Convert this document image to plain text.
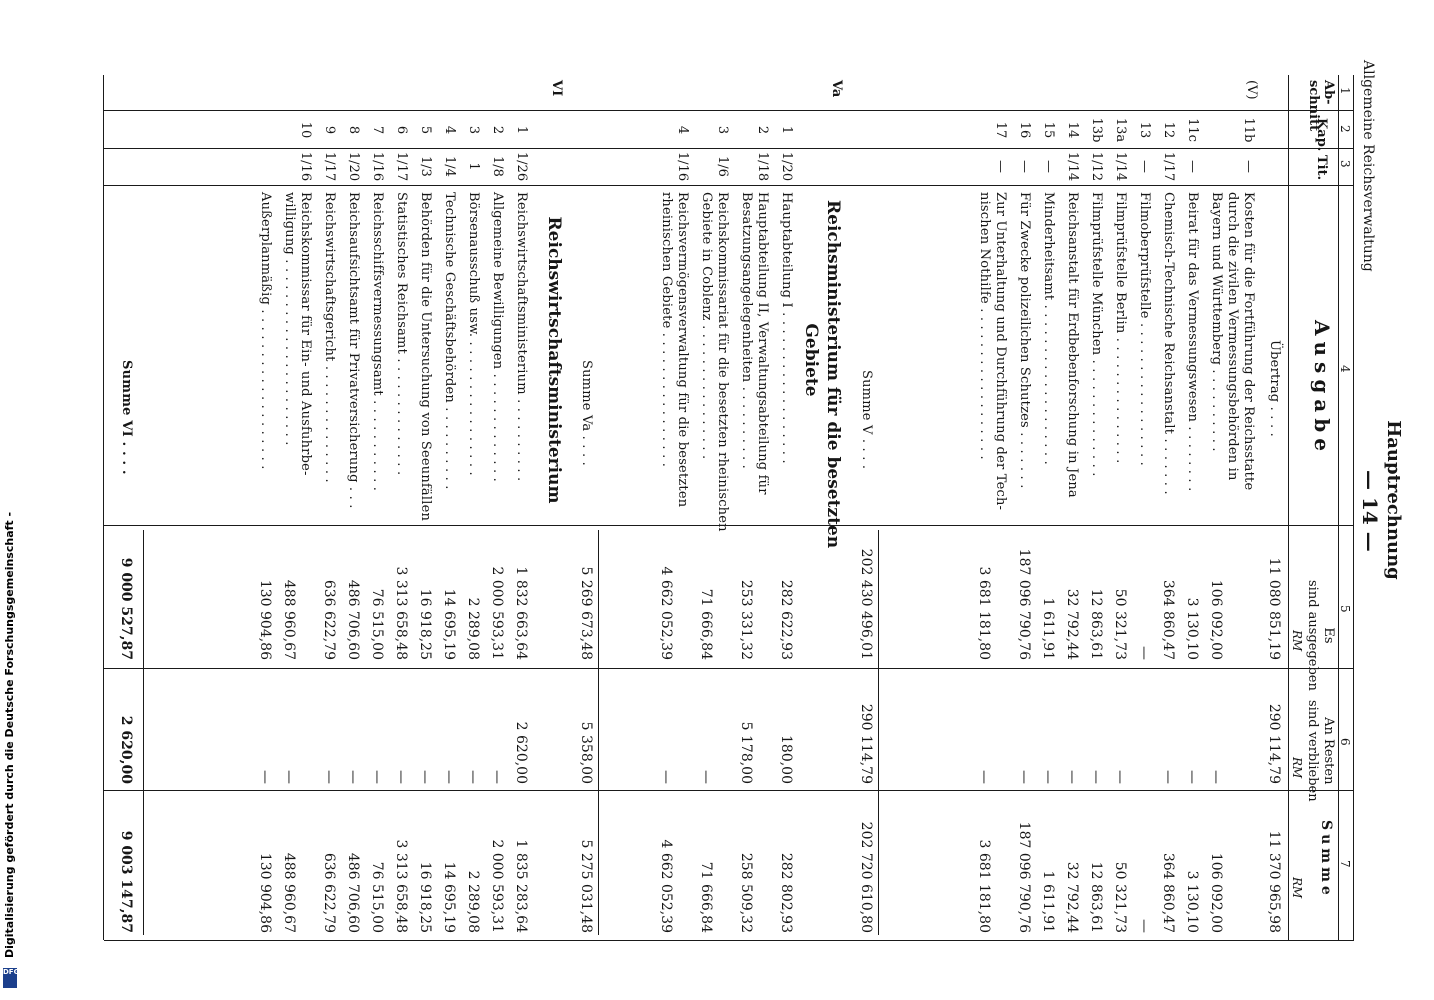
Hauptrechnung
Allgemeine Reichsverwaltung
— 14 —
1
2
3
4
5
6
7
Ab-
schnitt
Kap.
Tit.
Ausgabe
Es
sind ausgegeben
An Resten
sind verblieben
Summe
RM
RM
RM
Übertrag . . . .
11 080 851,19
290 114,79
11 370 965,98
(V)
11b
—
Kosten für die Fortführung der Reichsstatte
durch die zivilen Vermessungsbehörden in
Bayern und Württemberg . . . . . . . . . .
106 092,00
—
106 092,00
11c
—
Beirat für das Vermessungswesen . . . . . . . .
3 130,10
—
3 130,10
12
1/17
Chemisch-Technische Reichsanstalt . . . . . . .
364 860,47
—
364 860,47
13
—
Filmoberprüfstelle . . . . . . . . . . . . . . . . .
—
—
13a
1/14
Filmprüfstelle Berlin . . . . . . . . . . . . . . .
50 321,73
—
50 321,73
13b
1/12
Filmprüfstelle München . . . . . . . . . . . . . .
12 863,61
—
12 863,61
14
1/14
Reichsanstalt für Erdbebenforschung in Jena
32 792,44
—
32 792,44
15
—
Minderheitsamt . . . . . . . . . . . . . . . . . . .
1 611,91
—
1 611,91
16
—
Für Zwecke polizeilichen Schutzes . . . . . . .
187 096 790,76
—
187 096 790,76
17
—
Zur Unterhaltung und Durchführung der Tech-
nischen Nothilfe . . . . . . . . . . . . . . . . . .
3 681 181,80
—
3 681 181,80
Summe V . . . .
202 430 496,01
290 114,79
202 720 610,80
Va
Reichsministerium für die besetzten
Gebiete
1
1/20
Hauptabteilung I . . . . . . . . . . . . . . . . . .
282 622,93
180,00
282 802,93
2
1/18
Hauptabteilung II, Verwaltungsabteilung für
Besatzungsangelegenheiten . . . . . . . . . .
253 331,32
5 178,00
258 509,32
3
1/6
Reichskommissariat für die besetzten rheinischen
Gebiete in Coblenz . . . . . . . . . . . . . . . .
71 666,84
—
71 666,84
4
1/16
Reichsvermögensverwaltung für die besetzten
rheinischen Gebiete . . . . . . . . . . . . . . . .
4 662 052,39
—
4 662 052,39
Summe Va . . . .
5 269 673,48
5 358,00
5 275 031,48
VI
Reichswirtschaftsministerium
1
1/26
Reichswirtschaftsministerium . . . . . . . . . .
1 832 663,64
2 620,00
1 835 283,64
2
1/8
Allgemeine Bewilligungen . . . . . . . . . . . . .
2 000 593,31
—
2 000 593,31
3
1
Börsenausschuß usw. . . . . . . . . . . . . . . . .
2 289,08
—
2 289,08
4
1/4
Technische Geschäftsbehörden . . . . . . . . . .
14 695,19
—
14 695,19
5
1/3
Behörden für die Untersuchung von Seeunfällen
16 918,25
—
16 918,25
6
1/17
Statistisches Reichsamt . . . . . . . . . . . . . .
3 313 658,48
—
3 313 658,48
7
1/16
Reichsschiffsvermessungsamt . . . . . . . . . . .
76 515,00
—
76 515,00
8
1/20
Reichsaufsichtsamt für Privatversicherung . . .
486 706,60
—
486 706,60
9
1/17
Reichswirtschaftsgericht . . . . . . . . . . . . . .
636 622,79
—
636 622,79
10
1/16
Reichskommissar für Ein- und Ausfuhrbe-
willigung . . . . . . . . . . . . . . . . . . . . . .
488 960,67
—
488 960,67
Außerplanmäßig . . . . . . . . . . . . . . . . . . .
130 904,86
—
130 904,86
Summe VI . . . .
9 000 527,87
2 620,00
9 003 147,87
Digitalisierung gefördert durch die Deutsche Forschungsgemeinschaft -
DFG
